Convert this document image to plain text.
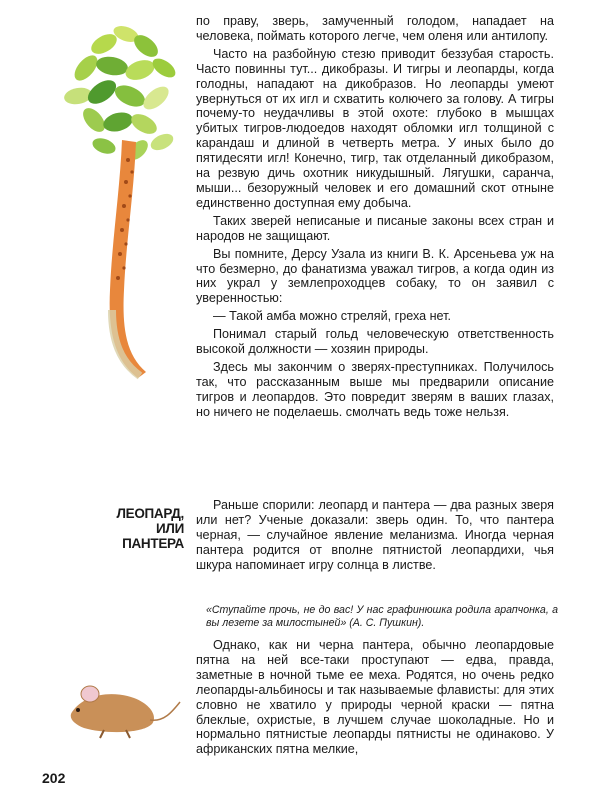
по праву, зверь, замученный голодом, нападает на человека, поймать которого легче, чем оленя или антилопу.

Часто на разбойную стезю приводит беззубая старость. Часто повинны тут... дикобразы. И тигры и леопарды, когда голодны, нападают на дикобразов. Но леопарды умеют увернуться от их игл и схватить колючего за голову. А тигры почему-то неудачливы в этой охоте: глубоко в мышцах убитых тигров-людоедов находят обломки игл толщиной с карандаш и длиной в четверть метра. У иных было до пятидесяти игл! Конечно, тигр, так отделанный дикобразом, на резвую дичь охотник никудышный. Лягушки, саранча, мыши... безоружный человек и его домашний скот отныне единственно доступная ему добыча.

Таких зверей неписаные и писаные законы всех стран и народов не защищают.

Вы помните, Дерсу Узала из книги В. К. Арсеньева уж на что безмерно, до фанатизма уважал тигров, а когда один из них украл у землепроходцев собаку, то он заявил с уверенностью:

— Такой амба можно стреляй, греха нет.

Понимал старый гольд человеческую ответственность высокой должности — хозяин природы.

Здесь мы закончим о зверях-преступниках. Получилось так, что рассказанным выше мы предварили описание тигров и леопардов. Это повредит зверям в ваших глазах, но ничего не поделаешь. смолчать ведь тоже нельзя.

ЛЕОПАРД,
ИЛИ
ПАНТЕРА

Раньше спорили: леопард и пантера — два разных зверя или нет? Ученые доказали: зверь один. То, что пантера черная, — случайное явление меланизма. Иногда черная пантера родится от вполне пятнистой леопардихи, чья шкура напоминает игру солнца в листве.

«Ступайте прочь, не до вас! У нас графинюшка родила арапчонка, а вы лезете за милостыней» (А. С. Пушкин).

Однако, как ни черна пантера, обычно леопардовые пятна на ней все-таки проступают — едва, правда, заметные в ночной тьме ее меха. Родятся, но очень редко леопарды-альбиносы и так называемые флависты: для этих словно не хватило у природы черной краски — пятна блеклые, охристые, в лучшем случае шоколадные. Но и нормально пятнистые леопарды пятнисты не одинаково. У африканских пятна мелкие,

202
